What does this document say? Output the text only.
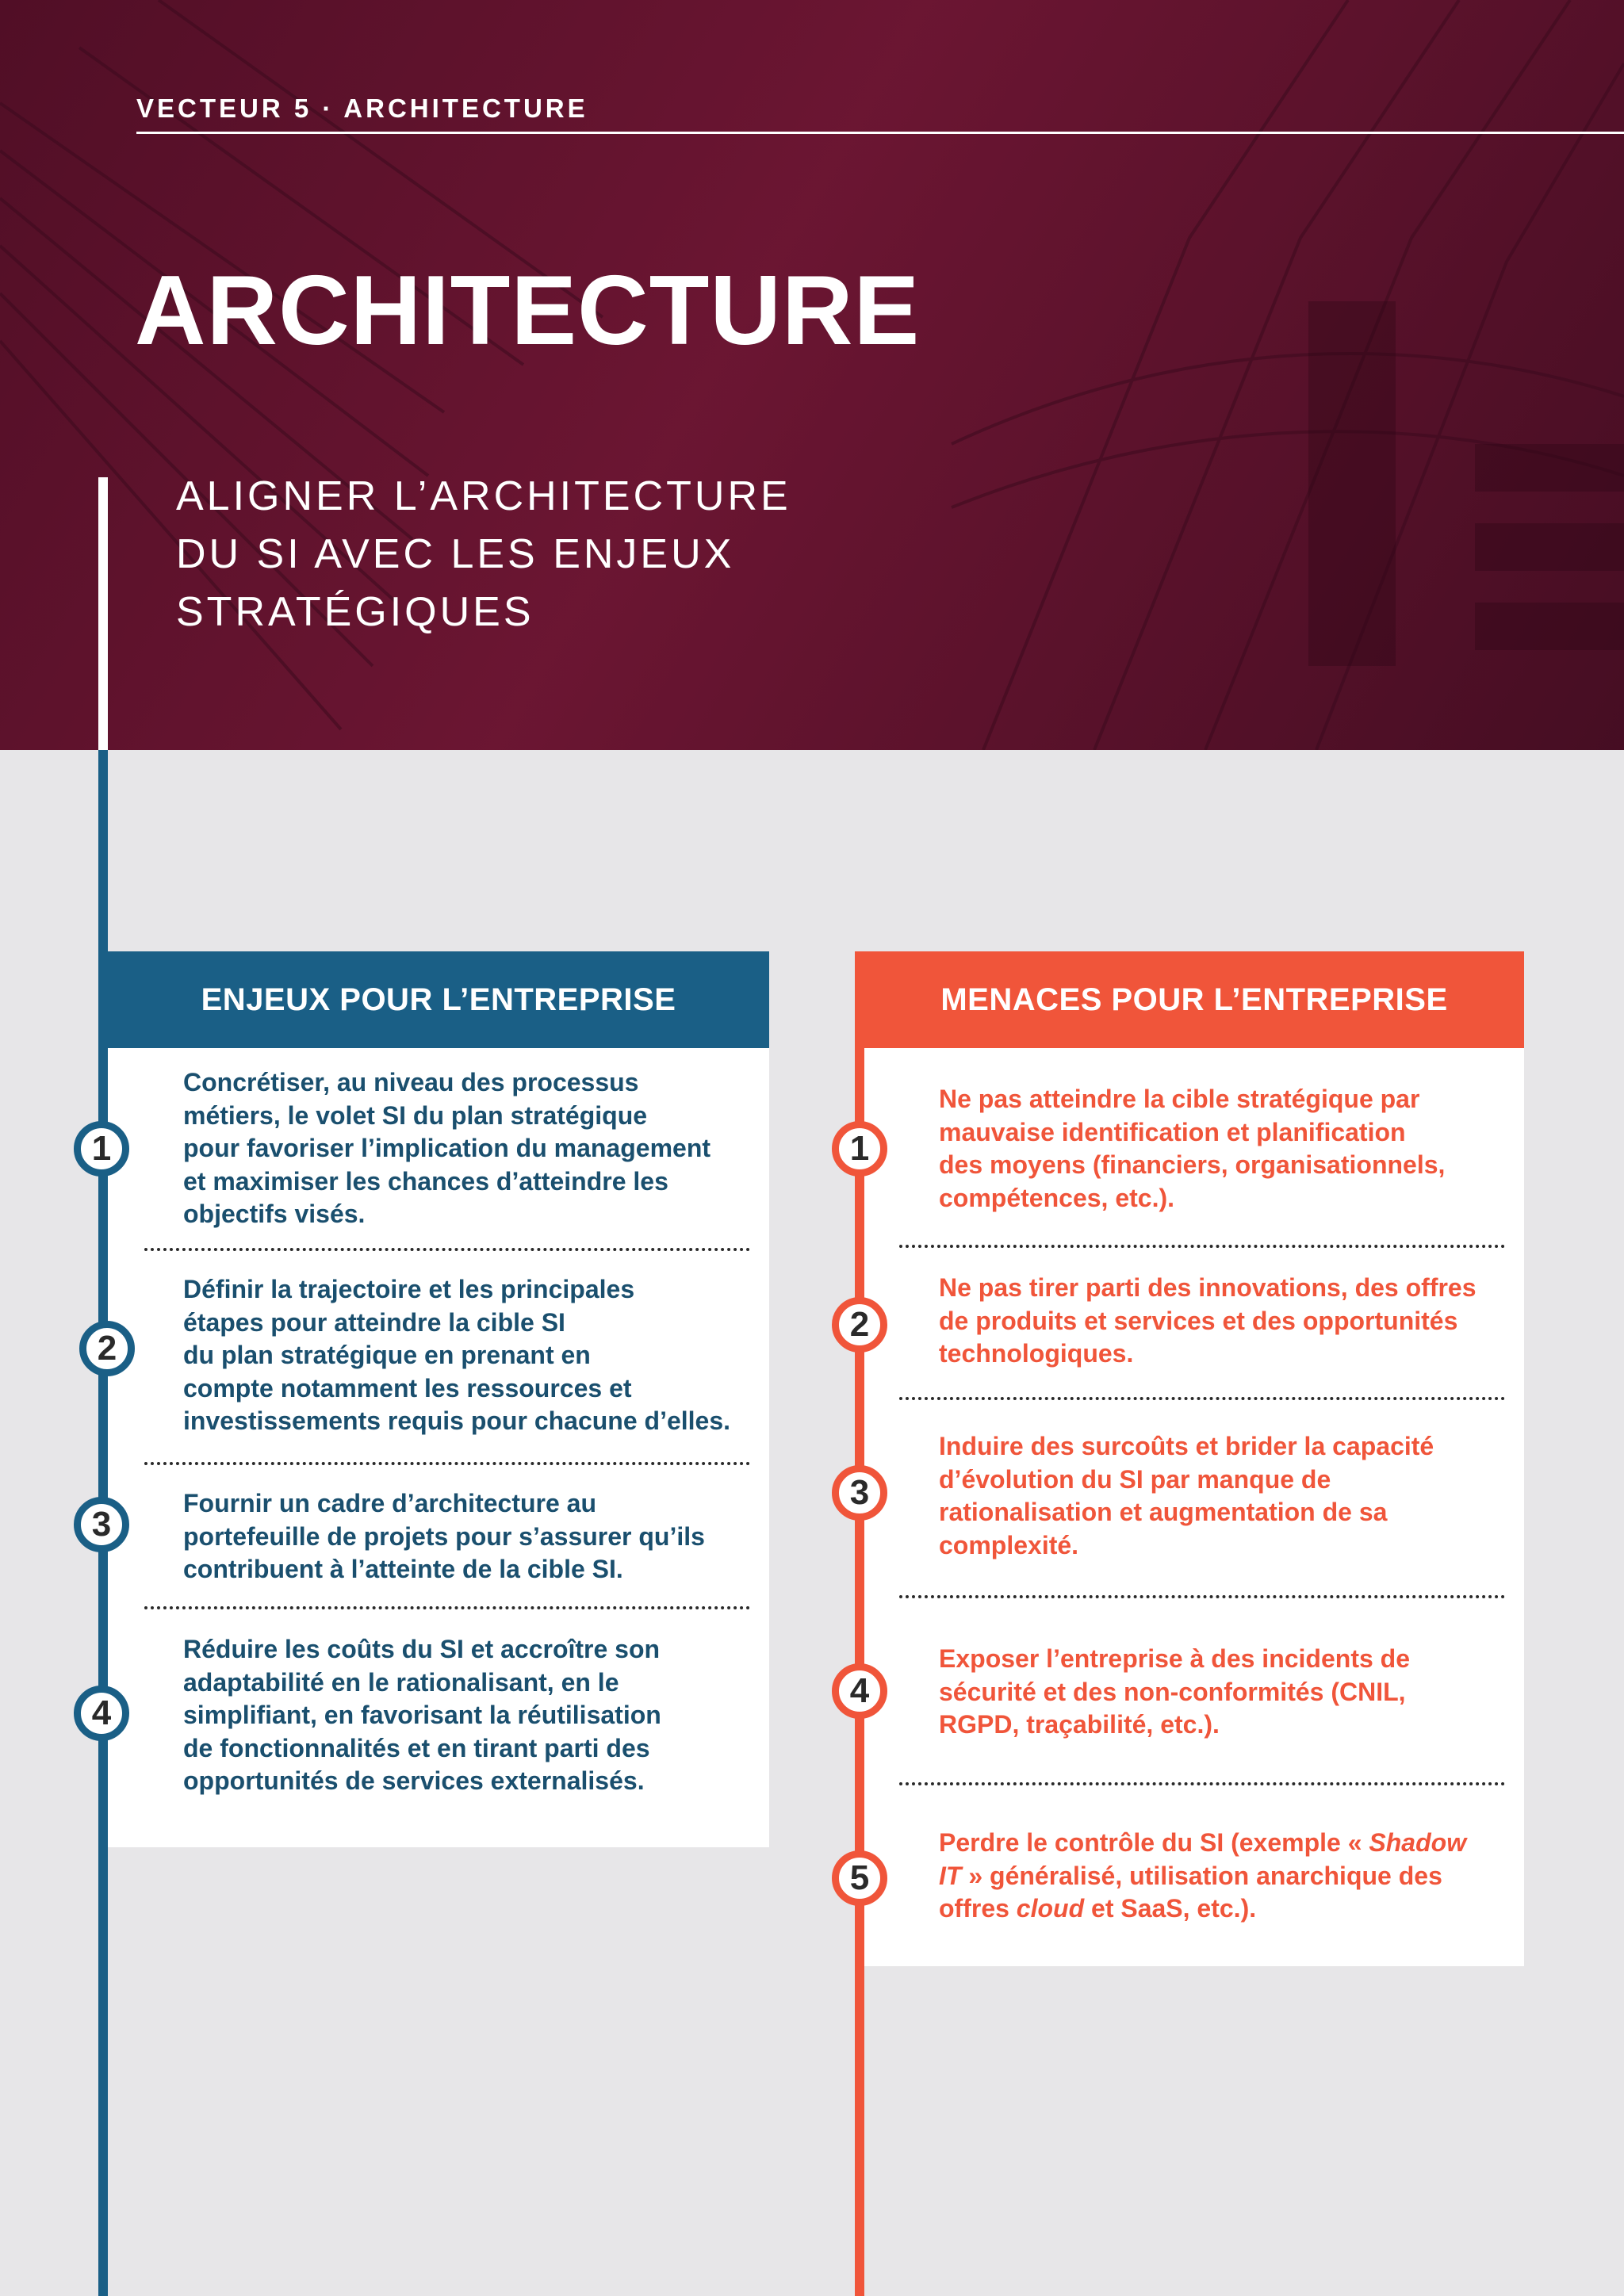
VECTEUR 5 · ARCHITECTURE
ARCHITECTURE
ALIGNER L’ARCHITECTURE
DU SI AVEC LES ENJEUX
STRATÉGIQUES
ENJEUX POUR L’ENTREPRISE

Concrétiser, au niveau des processus
métiers, le volet SI du plan stratégique
pour favoriser l’implication du management
et maximiser les chances d’atteindre les
objectifs visés.

Définir la trajectoire et les principales
étapes pour atteindre la cible SI
du plan stratégique en prenant en
compte notamment les ressources et
investissements requis pour chacune d’elles.

Fournir un cadre d’architecture au
portefeuille de projets pour s’assurer qu’ils
contribuent à l’atteinte de la cible SI.

Réduire les coûts du SI et accroître son
adaptabilité en le rationalisant, en le
simplifiant, en favorisant la réutilisation
de fonctionnalités et en tirant parti des
opportunités de services externalisés.

1
2
3
4
MENACES POUR L’ENTREPRISE

Ne pas atteindre la cible stratégique par
mauvaise identification et planification
des moyens (financiers, organisationnels,
compétences, etc.).

Ne pas tirer parti des innovations, des offres
de produits et services et des opportunités
technologiques.

Induire des surcoûts et brider la capacité
d’évolution du SI par manque de
rationalisation et augmentation de sa
complexité.

Exposer l’entreprise à des incidents de
sécurité et des non-conformités (CNIL,
RGPD, traçabilité, etc.).

Perdre le contrôle du SI (exemple « Shadow
IT » généralisé, utilisation anarchique des
offres cloud et SaaS, etc.).

1
2
3
4
5
